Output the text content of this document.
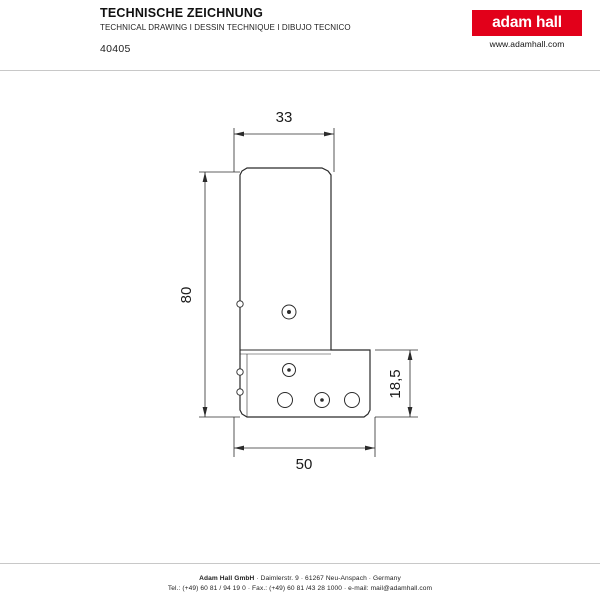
TECHNISCHE ZEICHNUNG
TECHNICAL DRAWING I DESSIN TECHNIQUE I DIBUJO TECNICO
40405
adam hall
www.adamhall.com
33
80
18,5
50
Adam Hall GmbH · Daimlerstr. 9 · 61267 Neu-Anspach · Germany
Tel.: (+49) 60 81 / 94 19 0 · Fax.: (+49) 60 81 /43 28 1000 · e-mail: mail@adamhall.com
